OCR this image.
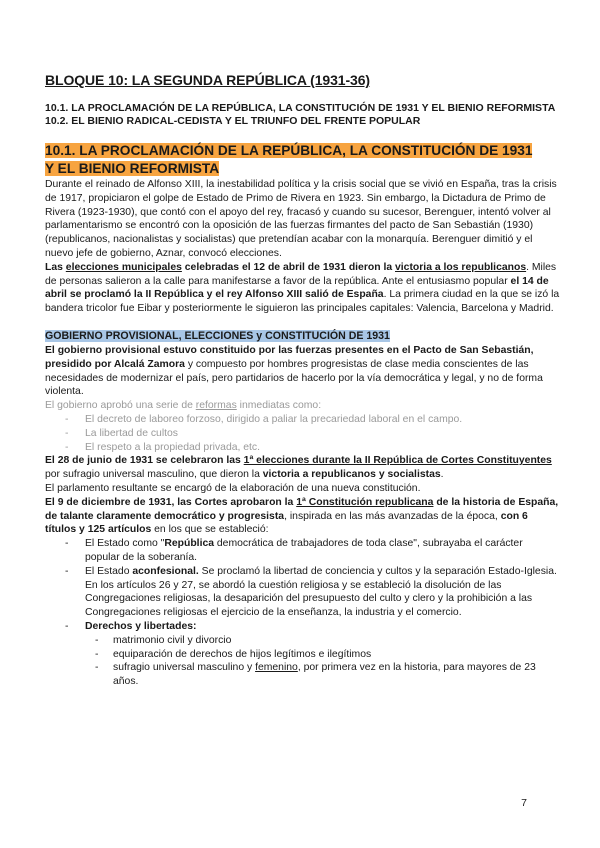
BLOQUE 10: LA SEGUNDA REPÚBLICA (1931-36)

10.1. LA PROCLAMACIÓN DE LA REPÚBLICA, LA CONSTITUCIÓN DE 1931 Y EL BIENIO REFORMISTA

10.2. EL BIENIO RADICAL-CEDISTA Y EL TRIUNFO DEL FRENTE POPULAR

10.1. LA PROCLAMACIÓN DE LA REPÚBLICA, LA CONSTITUCIÓN DE 1931
Y EL BIENIO REFORMISTA

Durante el reinado de Alfonso XIII, la inestabilidad política y la crisis social que se vivió en España, tras la crisis de 1917, propiciaron el golpe de Estado de Primo de Rivera en 1923. Sin embargo, la Dictadura de Primo de Rivera (1923-1930), que contó con el apoyo del rey, fracasó y cuando su sucesor, Berenguer, intentó volver al parlamentarismo se encontró con la oposición de las fuerzas firmantes del pacto de San Sebastián (1930) (republicanos, nacionalistas y socialistas) que pretendían acabar con la monarquía. Berenguer dimitió y el nuevo jefe de gobierno, Aznar, convocó elecciones.

Las elecciones municipales celebradas el 12 de abril de 1931 dieron la victoria a los republicanos. Miles de personas salieron a la calle para manifestarse a favor de la república. Ante el entusiasmo popular el 14 de abril se proclamó la II República y el rey Alfonso XIII salió de España. La primera ciudad en la que se izó la bandera tricolor fue Eibar y posteriormente le siguieron las principales capitales: Valencia, Barcelona y Madrid.

GOBIERNO PROVISIONAL, ELECCIONES y CONSTITUCIÓN DE 1931

El gobierno provisional estuvo constituido por las fuerzas presentes en el Pacto de San Sebastián, presidido por Alcalá Zamora y compuesto por hombres progresistas de clase media conscientes de las necesidades de modernizar el país, pero partidarios de hacerlo por la vía democrática y legal, y no de forma violenta.

El gobierno aprobó una serie de reformas inmediatas como:

- El decreto de laboreo forzoso, dirigido a paliar la precariedad laboral en el campo.
- La libertad de cultos
- El respeto a la propiedad privada, etc.

El 28 de junio de 1931 se celebraron las 1ª elecciones durante la II República de Cortes Constituyentes por sufragio universal masculino, que dieron la victoria a republicanos y socialistas.

El parlamento resultante se encargó de la elaboración de una nueva constitución.

El 9 de diciembre de 1931, las Cortes aprobaron la 1ª Constitución republicana de la historia de España, de talante claramente democrático y progresista, inspirada en las más avanzadas de la época, con 6 títulos y 125 artículos en los que se estableció:

- El Estado como "República democrática de trabajadores de toda clase", subrayaba el carácter popular de la soberanía.
- El Estado aconfesional. Se proclamó la libertad de conciencia y cultos y la separación Estado-Iglesia. En los artículos 26 y 27, se abordó la cuestión religiosa y se estableció la disolución de las Congregaciones religiosas, la desaparición del presupuesto del culto y clero y la prohibición a las Congregaciones religiosas el ejercicio de la enseñanza, la industria y el comercio.
- Derechos y libertades:
- matrimonio civil y divorcio
- equiparación de derechos de hijos legítimos e ilegítimos
- sufragio universal masculino y femenino, por primera vez en la historia, para mayores de 23 años.
7
